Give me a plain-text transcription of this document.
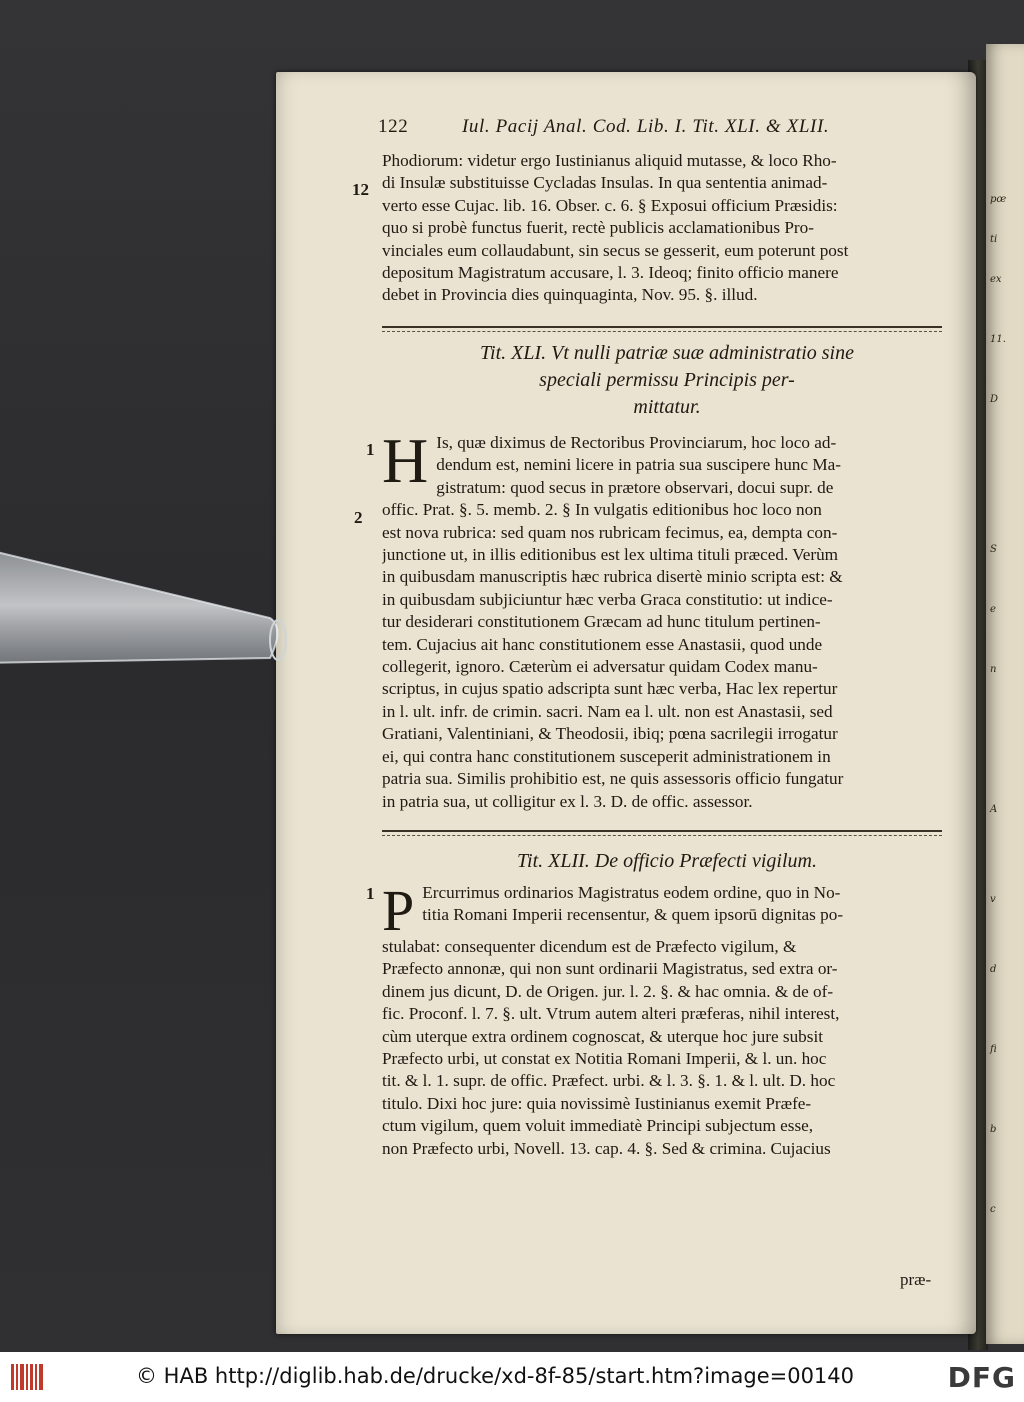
pœ
ti
ex
11.
D
S
e
n
A
v
d
fi
b
c
122	Iul. Pacij Anal. Cod. Lib. I. Tit. XLI. & XLII.
12
Phodiorum: videtur ergo Iustinianus aliquid mutasse, & loco Rho-
di Insulæ substituisse Cycladas Insulas. In qua sententia animad-
verto esse Cujac. lib. 16. Obser. c. 6. § Exposui officium Præsidis:
quo si probè functus fuerit, rectè publicis acclamationibus Pro-
vinciales eum collaudabunt, sin secus se gesserit, eum poterunt post
depositum Magistratum accusare, l. 3. Ideoq; finito officio manere
debet in Provincia dies quinquaginta, Nov. 95. §. illud.
Tit. XLI. Vt nulli patriæ suæ administratio sine
speciali permissu Principis per-
mittatur.
1
2
H Is, quæ diximus de Rectoribus Provinciarum, hoc loco ad-
dendum est, nemini licere in patria sua suscipere hunc Ma-
gistratum: quod secus in prætore observari, docui supr. de
offic. Prat. §. 5. memb. 2. § In vulgatis editionibus hoc loco non
est nova rubrica: sed quam nos rubricam fecimus, ea, dempta con-
junctione ut, in illis editionibus est lex ultima tituli præced. Verùm
in quibusdam manuscriptis hæc rubrica disertè minio scripta est: &
in quibusdam subjiciuntur hæc verba Graca constitutio: ut indice-
tur desiderari constitutionem Græcam ad hunc titulum pertinen-
tem. Cujacius ait hanc constitutionem esse Anastasii, quod unde
collegerit, ignoro. Cæterùm ei adversatur quidam Codex manu-
scriptus, in cujus spatio adscripta sunt hæc verba, Hac lex repertur
in l. ult. infr. de crimin. sacri. Nam ea l. ult. non est Anastasii, sed
Gratiani, Valentiniani, & Theodosii, ibiq; pœna sacrilegii irrogatur
ei, qui contra hanc constitutionem susceperit administrationem in
patria sua. Similis prohibitio est, ne quis assessoris officio fungatur
in patria sua, ut colligitur ex l. 3. D. de offic. assessor.
Tit. XLII. De officio Præfecti vigilum.
1 P Ercurrimus ordinarios Magistratus eodem ordine, quo in No-
titia Romani Imperii recensentur, & quem ipsorū dignitas po-
stulabat: consequenter dicendum est de Præfecto vigilum, &
Præfecto annonæ, qui non sunt ordinarii Magistratus, sed extra or-
dinem jus dicunt, D. de Origen. jur. l. 2. §. & hac omnia. & de of-
fic. Proconf. l. 7. §. ult. Vtrum autem alteri præferas, nihil interest,
cùm uterque extra ordinem cognoscat, & uterque hoc jure subsit
Præfecto urbi, ut constat ex Notitia Romani Imperii, & l. un. hoc
tit. & l. 1. supr. de offic. Præfect. urbi. & l. 3. §. 1. & l. ult. D. hoc
titulo. Dixi hoc jure: quia novissimè Iustinianus exemit Præfe-
ctum vigilum, quem voluit immediatè Principi subjectum esse,
non Præfecto urbi, Novell. 13. cap. 4. §. Sed & crimina. Cujacius
præ-
© HAB http://diglib.hab.de/drucke/xd-8f-85/start.htm?image=00140	DFG
